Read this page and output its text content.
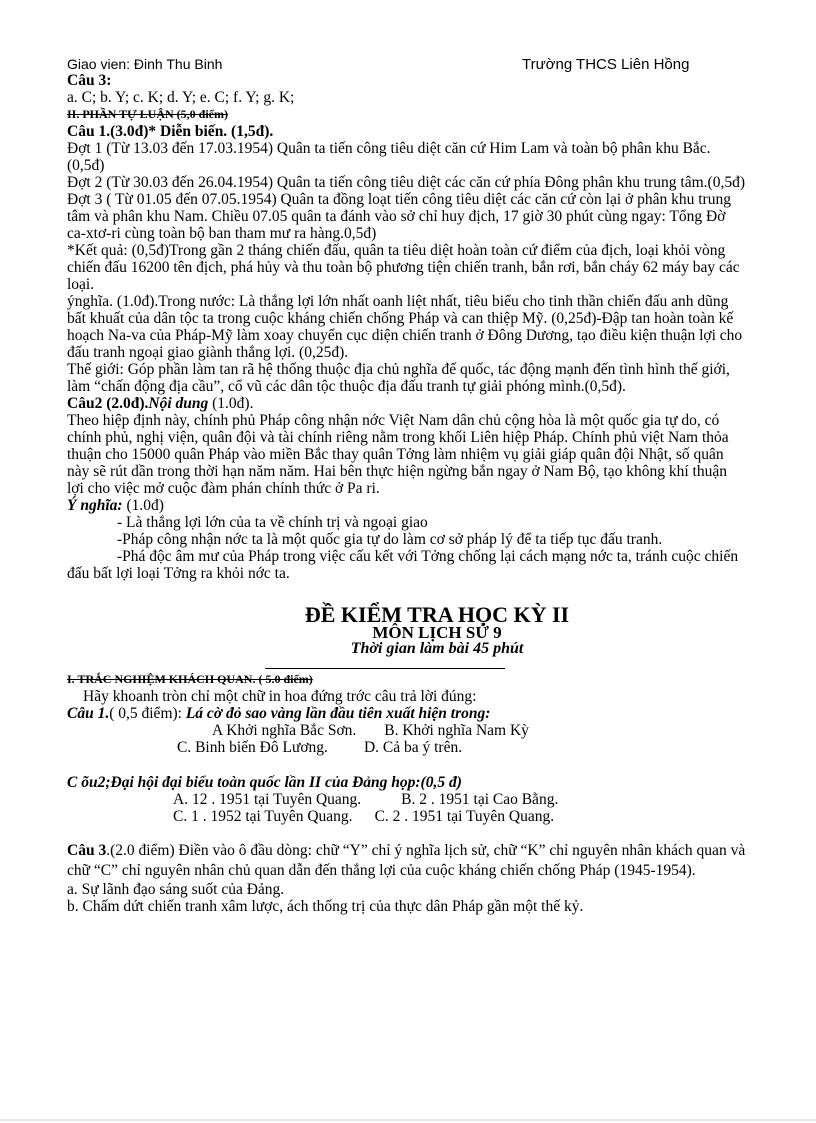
Giao vien: Đinh Thu Binh	Trường THCS Liên Hồng

Câu 3:

a. C; b. Y; c. K; d. Y; e. C; f. Y; g. K;

II. PHẦN TỰ LUẬN (5,0 điểm)

Câu 1.(3.0đ)* Diễn biến. (1,5đ).

Đợt 1 (Từ 13.03 đến 17.03.1954) Quân ta tiến công tiêu diệt căn cứ Him Lam và toàn bộ phân khu Bắc.(0,5đ)

Đợt 2 (Từ 30.03 đến 26.04.1954) Quân ta tiến công tiêu diệt các căn cứ phía Đông phân khu trung tâm.(0,5đ)

Đợt 3 ( Từ 01.05 đến 07.05.1954) Quân ta đồng loạt tiến công tiêu diệt các căn cứ còn lại ở phân khu trung tâm và phân khu Nam. Chiều 07.05 quân ta đánh vào sở chỉ huy địch, 17 giờ 30 phút cùng ngay: Tổng Đờ ca-xtơ-ri cùng toàn bộ ban tham mư ra hàng.0,5đ)

*Kết quả: (0,5đ)Trong gần 2 tháng chiến đấu, quân ta tiêu diệt hoàn toàn cứ điểm của địch, loại khỏi vòng chiến đấu 16200 tên địch, phá hủy và thu toàn bộ phương tiện chiến tranh, bắn rơi, bắn cháy 62 máy bay các loại.

ýnghĩa. (1.0đ).Trong nước: Là thắng lợi lớn nhất oanh liệt nhất, tiêu biểu cho tinh thần chiến đấu anh dũng bất khuất của dân tộc ta trong cuộc kháng chiến chống Pháp và can thiệp Mỹ. (0,25đ)-Đập tan hoàn toàn kế hoạch Na-va của Pháp-Mỹ làm xoay chuyển cục diện chiến tranh ở Đông Dương, tạo điều kiện thuận lợi cho đấu tranh ngoại giao giành thắng lợi. (0,25đ).

Thế giới: Góp phần làm tan rã hệ thống thuộc địa chủ nghĩa đế quốc, tác động mạnh đến tình hình thế giới, làm “chấn động địa cầu”, cổ vũ các dân tộc thuộc địa đấu tranh tự giải phóng mình.(0,5đ).

Câu2 (2.0đ).Nội dung (1.0đ).

Theo hiệp định này, chính phủ Pháp công nhận nớc Việt Nam dân chủ cộng hòa là một quốc gia tự do, có chính phủ, nghị viện, quân đội và tài chính riêng nằm trong khối Liên hiệp Pháp. Chính phủ việt Nam thỏa thuận cho 15000 quân Pháp vào miền Bắc thay quân Tởng làm nhiệm vụ giải giáp quân đội Nhật, số quân này sẽ rút dần trong thời hạn năm năm. Hai bên thực hiện ngừng bắn ngay ở Nam Bộ, tạo không khí thuận lợi cho việc mở cuộc đàm phán chính thức ở Pa ri.

Ý nghĩa: (1.0đ)

- Là thắng lợi lớn của ta về chính trị và ngoại giao

-Pháp công nhận nớc ta là một quốc gia tự do làm cơ sở pháp lý để ta tiếp tục đấu tranh.

-Phá độc âm mư của Pháp trong việc cấu kết với Tởng chống lại cách mạng nớc ta, tránh cuộc chiến đấu bất lợi loại Tởng ra khỏi nớc ta.

ĐỀ KIỂM TRA HỌC KỲ II
MÔN LỊCH SỬ 9
Thời gian làm bài 45 phút

I. TRẮC NGHIỆM KHÁCH QUAN. ( 5.0 điểm)

Hãy khoanh tròn chỉ một chữ in hoa đứng trớc câu trả lời đúng:

Câu 1.( 0,5 điểm): Lá cờ đỏ sao vàng lần đầu tiên xuất hiện trong:

A Khởi nghĩa Bắc Sơn. B. Khởi nghĩa Nam Kỳ

C. Binh biến Đô Lương. D. Cả ba ý trên.

C õu2;Đại hội đại biểu toàn quốc lần II của Đảng họp:(0,5 đ)

A. 12 . 1951 tại Tuyên Quang.	B. 2 . 1951 tại Cao Bằng.

C. 1 . 1952 tại Tuyên Quang. C. 2 . 1951 tại Tuyên Quang.

Câu 3.(2.0 điểm) Điền vào ô đầu dòng: chữ “Y” chỉ ý nghĩa lịch sử, chữ “K” chỉ nguyên nhân khách quan và chữ “C” chỉ nguyên nhân chủ quan dẫn đến thắng lợi của cuộc kháng chiến chống Pháp (1945-1954).

a. Sự lãnh đạo sáng suốt của Đảng.

b. Chấm dứt chiến tranh xâm lược, ách thống trị của thực dân Pháp gần một thế kỷ.
